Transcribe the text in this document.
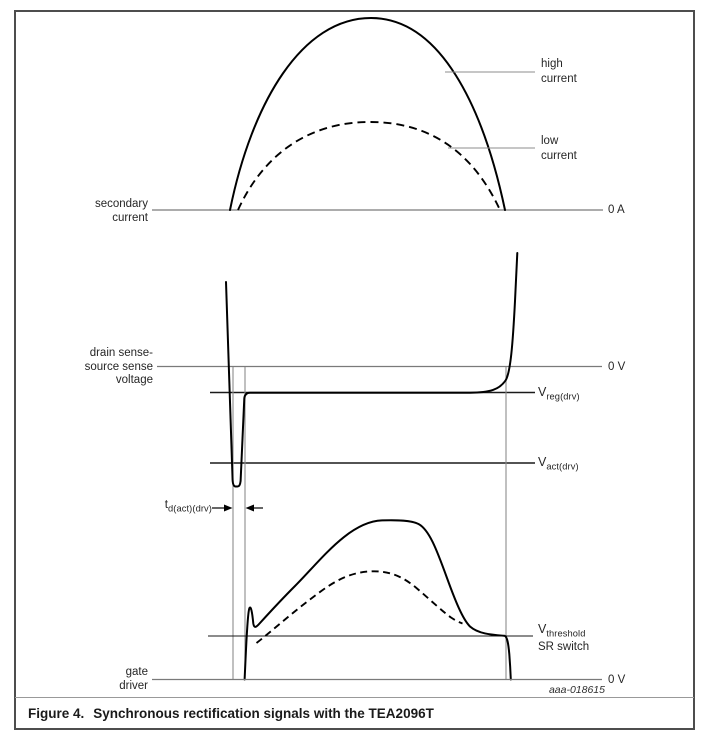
secondary
current
0 A
high
current
low
current
drain sense-
source sense
voltage
0 V
$V_{reg(drv)}$
$V_{act(drv)}$
$t_{d(act)(drv)}$
$V_{threshold}$
SR switch
gate
driver	0 V
aaa-018615
Figure 4. Synchronous rectification signals with the TEA2096T
